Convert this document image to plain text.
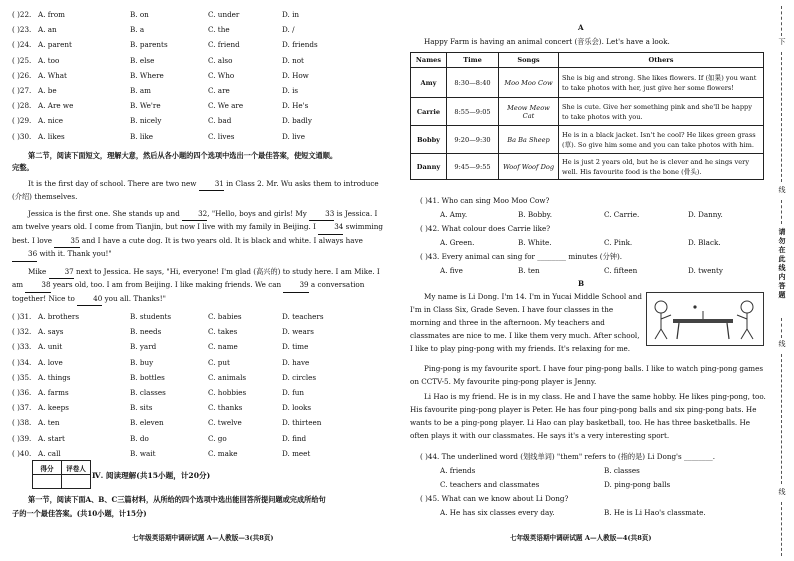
( )22. A. from	B. on	C. under	D. in
( )23. A. an	B. a	C. the	D. /
( )24. A. parent	B. parents	C. friend	D. friends
( )25. A. too	B. else	C. also	D. not
( )26. A. What	B. Where	C. Who	D. How
( )27. A. be	B. am	C. are	D. is
( )28. A. Are we	B. We're	C. We are	D. He's
( )29. A. nice	B. nicely	C. bad	D. badly
( )30. A. likes	B. like	C. lives	D. live
第二节，阅读下面短文，理解大意，然后从各小题的四个选项中选出一个最佳答案，使短文通顺。
完整。
It is the first day of school. There are two new	31 in Class 2. Mr. Wu asks them to introduce (介绍) themselves.
Jessica is the first one. She stands up and	32, "Hello, boys and girls! My	33 is Jessica. I am twelve years old. I come from Tianjin, but now I live with my family in Beijing. I	34 swimming best. I love	35 and I have a cute dog. It is two years old. It is black and white. I always have 36 with it. Thank you!"
Mike	37 next to Jessica. He says, "Hi, everyone! I'm glad (高兴的) to study here. I am Mike. I am	38 years old, too. I am from Beijing. I like making friends. We can	39 a conversation together! Nice to	40 you all. Thanks!"
( )31. A. brothers	B. students	C. babies	D. teachers
( )32. A. says	B. needs	C. takes	D. wears
( )33. A. unit	B. yard	C. name	D. time
( )34. A. love	B. buy	C. put	D. have
( )35. A. things	B. bottles	C. animals	D. circles
( )36. A. farms	B. classes	C. hobbies	D. fun
( )37. A. keeps	B. sits	C. thanks	D. looks
( )38. A. ten	B. eleven	C. twelve	D. thirteen
( )39. A. start	B. do	C. go	D. find
( )40. A. call	B. wait	C. make	D. meet
得分	评卷人

Ⅳ. 阅读理解(共15小题，计20分)
第一节，阅读下面A、B、C三篇材料，从所给的四个选项中选出能回答所提问题或完成所给句
子的一个最佳答案。(共10小题，计15分)
七年级英语期中调研试题 A—人教版—3(共8页)
A
Happy Farm is having an animal concert (音乐会). Let's have a look.
Names	Time	Songs	Others
Amy	8:30—8:40	Moo Moo Cow	She is big and strong. She likes flowers. If (如果) you want to take photos with her, just give her some flowers!
Carrie	8:55—9:05	Meow Meow Cat	She is cute. Give her something pink and she'll be happy to take photos with you.
Bobby	9:20—9:30	Ba Ba Sheep	He is in a black jacket. Isn't he cool? He likes green grass (草). So give him some and you can take photos with him.
Danny	9:45—9:55	Woof Woof Dog	He is just 2 years old, but he is clever and he sings very well. His favourite food is the bone (骨头).
( )41. Who can sing Moo Moo Cow?
A. Amy.	B. Bobby.	C. Carrie.	D. Danny.
( )42. What colour does Carrie like?
A. Green.	B. White.	C. Pink.	D. Black.
( )43. Every animal can sing for ________ minutes (分钟).
A. five	B. ten	C. fifteen	D. twenty
B
My name is Li Dong. I'm 14. I'm in Yucai Middle School and I'm in Class Six, Grade Seven. I have four classes in the morning and three in the afternoon. My teachers and classmates are nice to me. I like them very much. After school, I like to play ping-pong with my friends. It's relaxing for me.
Ping-pong is my favourite sport. I have four ping-pong balls. I like to watch ping-pong games on CCTV-5. My favourite ping-pong player is Jenny.
Li Hao is my friend. He is in my class. He and I have the same hobby. He likes ping-pong, too. His favourite ping-pong player is Peter. He has four ping-pong balls and six ping-pong bats. He wants to be a ping-pong player. Li Hao can play basketball, too. He has three basketballs. He often plays it with our classmates. He says it's a very interesting sport.
( )44. The underlined word (划线单词) "them" refers to (指的是) Li Dong's ________.
A. friends	B. classes
C. teachers and classmates	D. ping-pong balls
( )45. What can we know about Li Dong?
A. He has six classes every day.	B. He is Li Hao's classmate.
七年级英语期中调研试题 A—人教版—4(共8页)
下
线
请勿在此线内答题
线
线
